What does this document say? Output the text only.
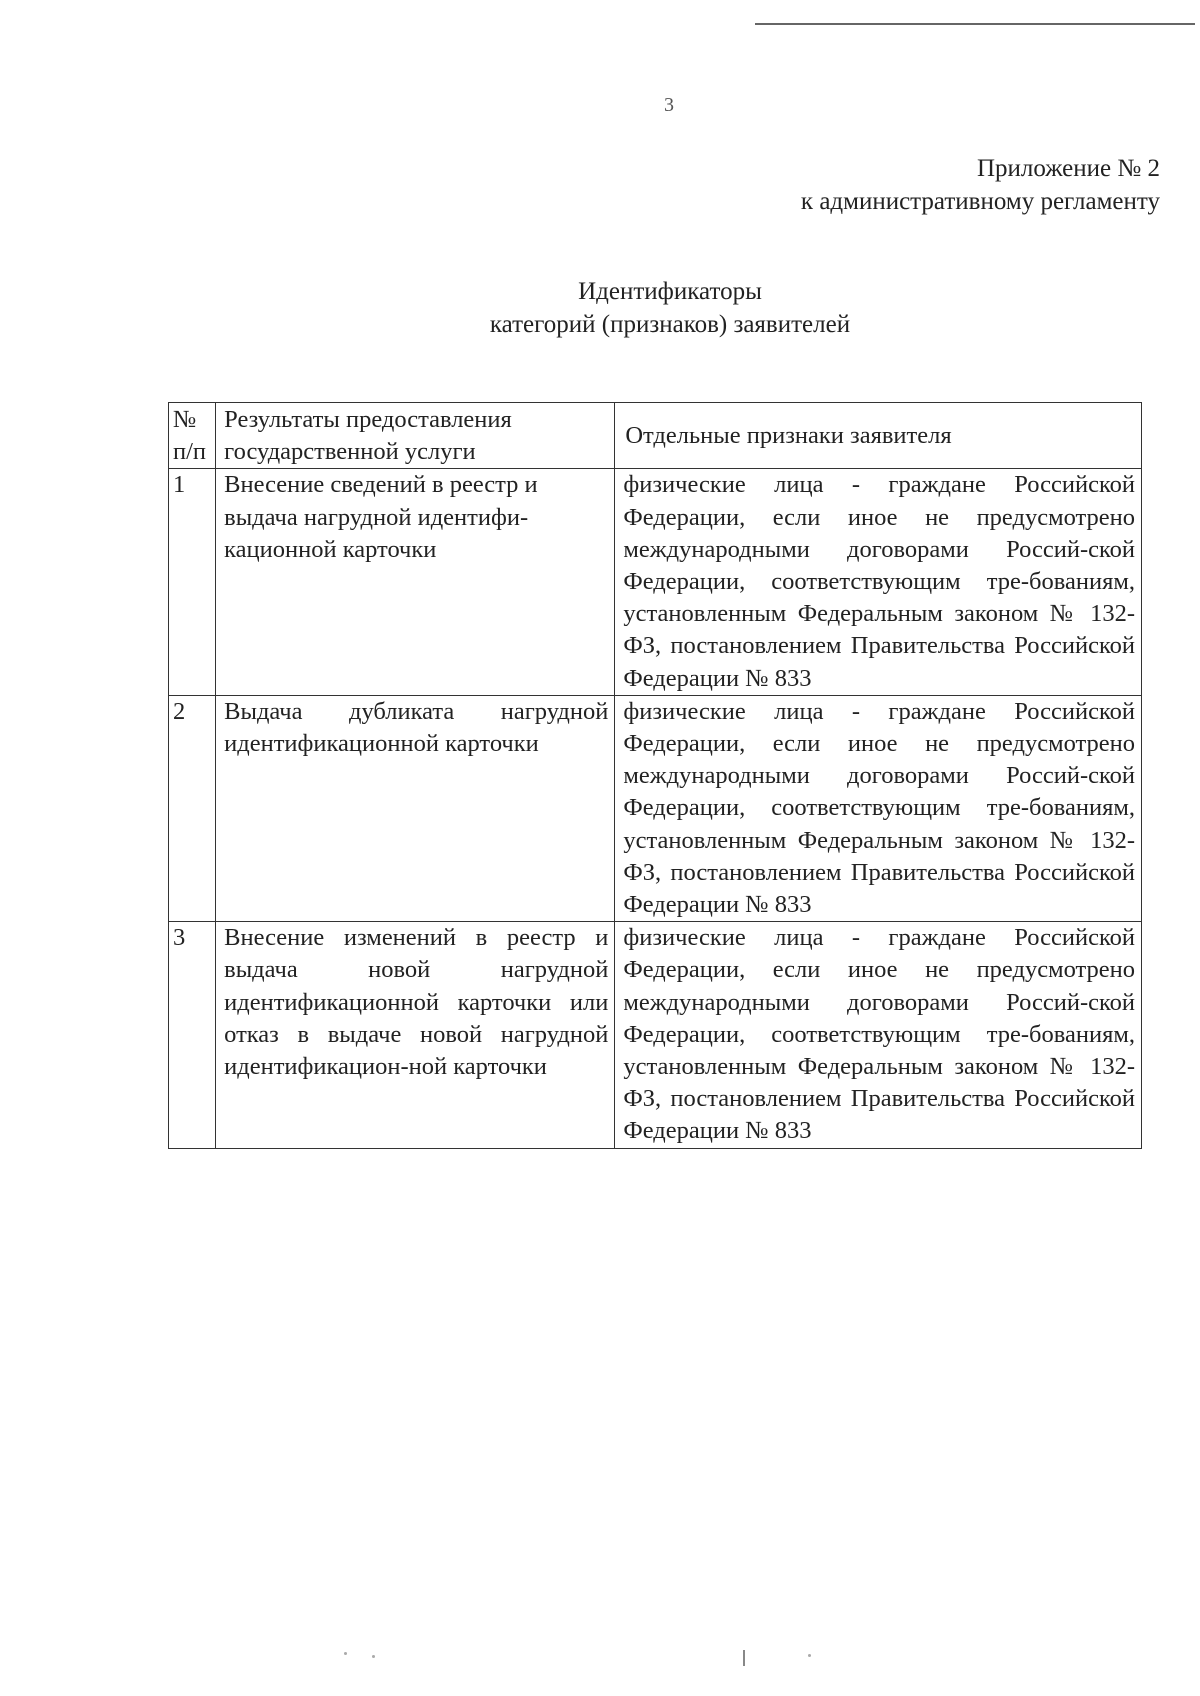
3
Приложение № 2
к административному регламенту
Идентификаторы
категорий (признаков) заявителей
№ п/п	Результаты предоставления государственной услуги	Отдельные признаки заявителя
1	Внесение сведений в реестр и выдача нагрудной идентифи-кационной карточки	физические лица - граждане Российской Федерации, если иное не предусмотрено международными договорами Россий-ской Федерации, соответствующим тре-бованиям, установленным Федеральным законом № 132-ФЗ, постановлением Правительства Российской Федерации № 833
2	Выдача дубликата нагрудной идентификационной карточки	физические лица - граждане Российской Федерации, если иное не предусмотрено международными договорами Россий-ской Федерации, соответствующим тре-бованиям, установленным Федеральным законом № 132-ФЗ, постановлением Правительства Российской Федерации № 833
3	Внесение изменений в реестр и выдача новой нагрудной идентификационной карточки или отказ в выдаче новой нагрудной идентификацион-ной карточки	физические лица - граждане Российской Федерации, если иное не предусмотрено международными договорами Россий-ской Федерации, соответствующим тре-бованиям, установленным Федеральным законом № 132-ФЗ, постановлением Правительства Российской Федерации № 833
